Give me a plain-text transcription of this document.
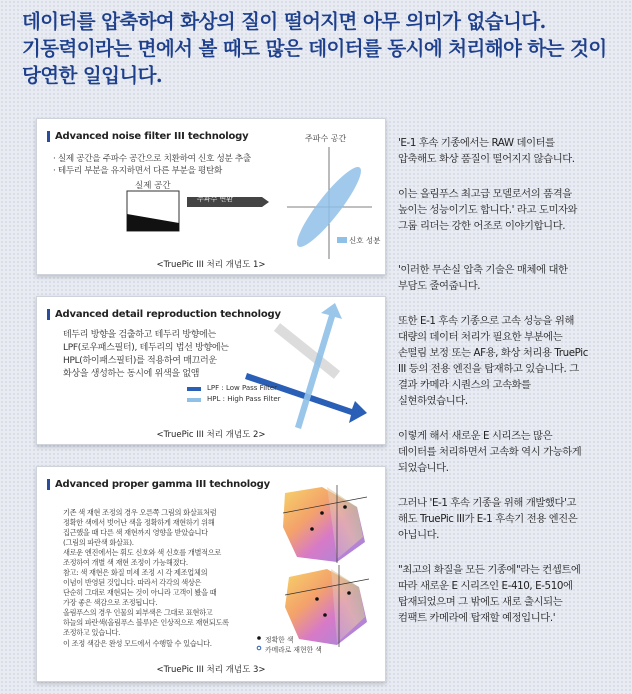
데이터를 압축하여 화상의 질이 떨어지면 아무 의미가 없습니다.
기동력이라는 면에서 볼 때도 많은 데이터를 동시에 처리해야 하는 것이
당연한 일입니다.
Advanced noise filter III technology
· 실제 공간을 주파수 공간으로 치환하여 신호 성분 추출
· 테두리 부분을 유지하면서 다른 부분을 평탄화
주파수 공간
실제 공간
주파수 변환
신호 성분
<TruePic III 처리 개념도 1>
Advanced detail reproduction technology
테두리 방향을 검출하고 테두리 방향에는
LPF(로우패스필터), 테두리의 법선 방향에는
HPL(하이패스필터)를 적용하여 매끄러운
화상을 생성하는 동시에 위색을 없앰
LPF : Low Pass Filter
HPL : High Pass Filter
<TruePic III 처리 개념도 2>
Advanced proper gamma III technology
기존 색 재현 조정의 경우 오른쪽 그림의 화살표처럼
정확한 색에서 벗어난 색을 정확하게 재현하기 위해
집근했을 때 다른 색 재현까지 영향을 받았습니다
(그림의 파란색 화살표).
새로운 엔진에서는 휘도 신호와 색 신호를 개별적으로
조정하여 개별 색 재현 조정이 가능해졌다.
참고: 색 재현은 화질 미세 조정 시 각 제조업체의
이념이 반영된 것입니다. 따라서 각각의 색상은
단순히 그대로 재현되는 것이 아니라 고객이 봤을 때
가장 좋은 색감으로 조정됩니다.
올림푸스의 경우 인물의 피부색은 그대로 표현하고
하늘의 파란색(올림푸스 블루)은 인상적으로 재현되도록
조정하고 있습니다.
이 조정 색감은 완성 모드에서 수행할 수 있습니다.	정확한 색
카메라로 재현한 색
<TruePic III 처리 개념도 3>

'E-1 후속 기종에서는 RAW 데이터를
압축해도 화상 품질이 떨어지지 않습니다.

이는 올림푸스 최고급 모델로서의 품격을
높이는 성능이기도 합니다.' 라고 도미자와
그룹 리더는 강한 어조로 이야기합니다.

'이러한 무손실 압축 기술은 매체에 대한
부담도 줄여줍니다.

또한 E-1 후속 기종으로 고속 성능을 위해
대량의 데이터 처리가 필요한 부분에는
손떨림 보정 또는 AF용, 화상 처리용 TruePic
III 등의 전용 엔진을 탑재하고 있습니다. 그
결과 카메라 시퀀스의 고속화를
실현하였습니다.

이렇게 해서 새로운 E 시리즈는 많은
데이터를 처리하면서 고속화 역시 가능하게
되었습니다.

그러나 'E-1 후속 기종을 위해 개발했다'고
해도 TruePic III가 E-1 후속기 전용 엔진은
아닙니다.

"최고의 화질을 모든 기종에"라는 컨셉트에
따라 새로운 E 시리즈인 E-410, E-510에
탑재되었으며 그 밖에도 새로 출시되는
컴팩트 카메라에 탑재할 예정입니다.'
